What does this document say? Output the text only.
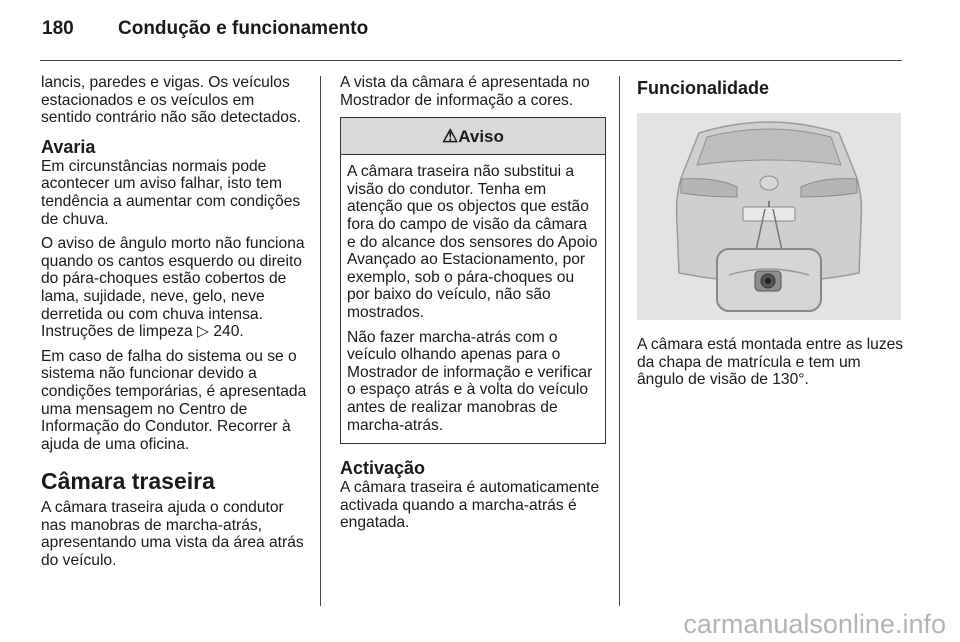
180 Condução e funcionamento

lancis, paredes e vigas. Os veículos estacionados e os veículos em sentido contrário não são detectados.

Avaria

Em circunstâncias normais pode acontecer um aviso falhar, isto tem tendência a aumentar com condições de chuva.

O aviso de ângulo morto não funciona quando os cantos esquerdo ou direito do pára-choques estão cobertos de lama, sujidade, neve, gelo, neve derretida ou com chuva intensa. Instruções de limpeza ▷ 240.

Em caso de falha do sistema ou se o sistema não funcionar devido a condições temporárias, é apresentada uma mensagem no Centro de Informação do Condutor. Recorrer à ajuda de uma oficina.

Câmara traseira

A câmara traseira ajuda o condutor nas manobras de marcha-atrás, apresentando uma vista da área atrás do veículo.

A vista da câmara é apresentada no Mostrador de informação a cores.

⚠Aviso

A câmara traseira não substitui a visão do condutor. Tenha em atenção que os objectos que estão fora do campo de visão da câmara e do alcance dos sensores do Apoio Avançado ao Estacionamento, por exemplo, sob o pára-choques ou por baixo do veículo, não são mostrados.

Não fazer marcha-atrás com o veículo olhando apenas para o Mostrador de informação e verificar o espaço atrás e à volta do veículo antes de realizar manobras de marcha-atrás.

Activação

A câmara traseira é automaticamente activada quando a marcha-atrás é engatada.

Funcionalidade

A câmara está montada entre as luzes da chapa de matrícula e tem um ângulo de visão de 130°.

carmanualsonline.info
